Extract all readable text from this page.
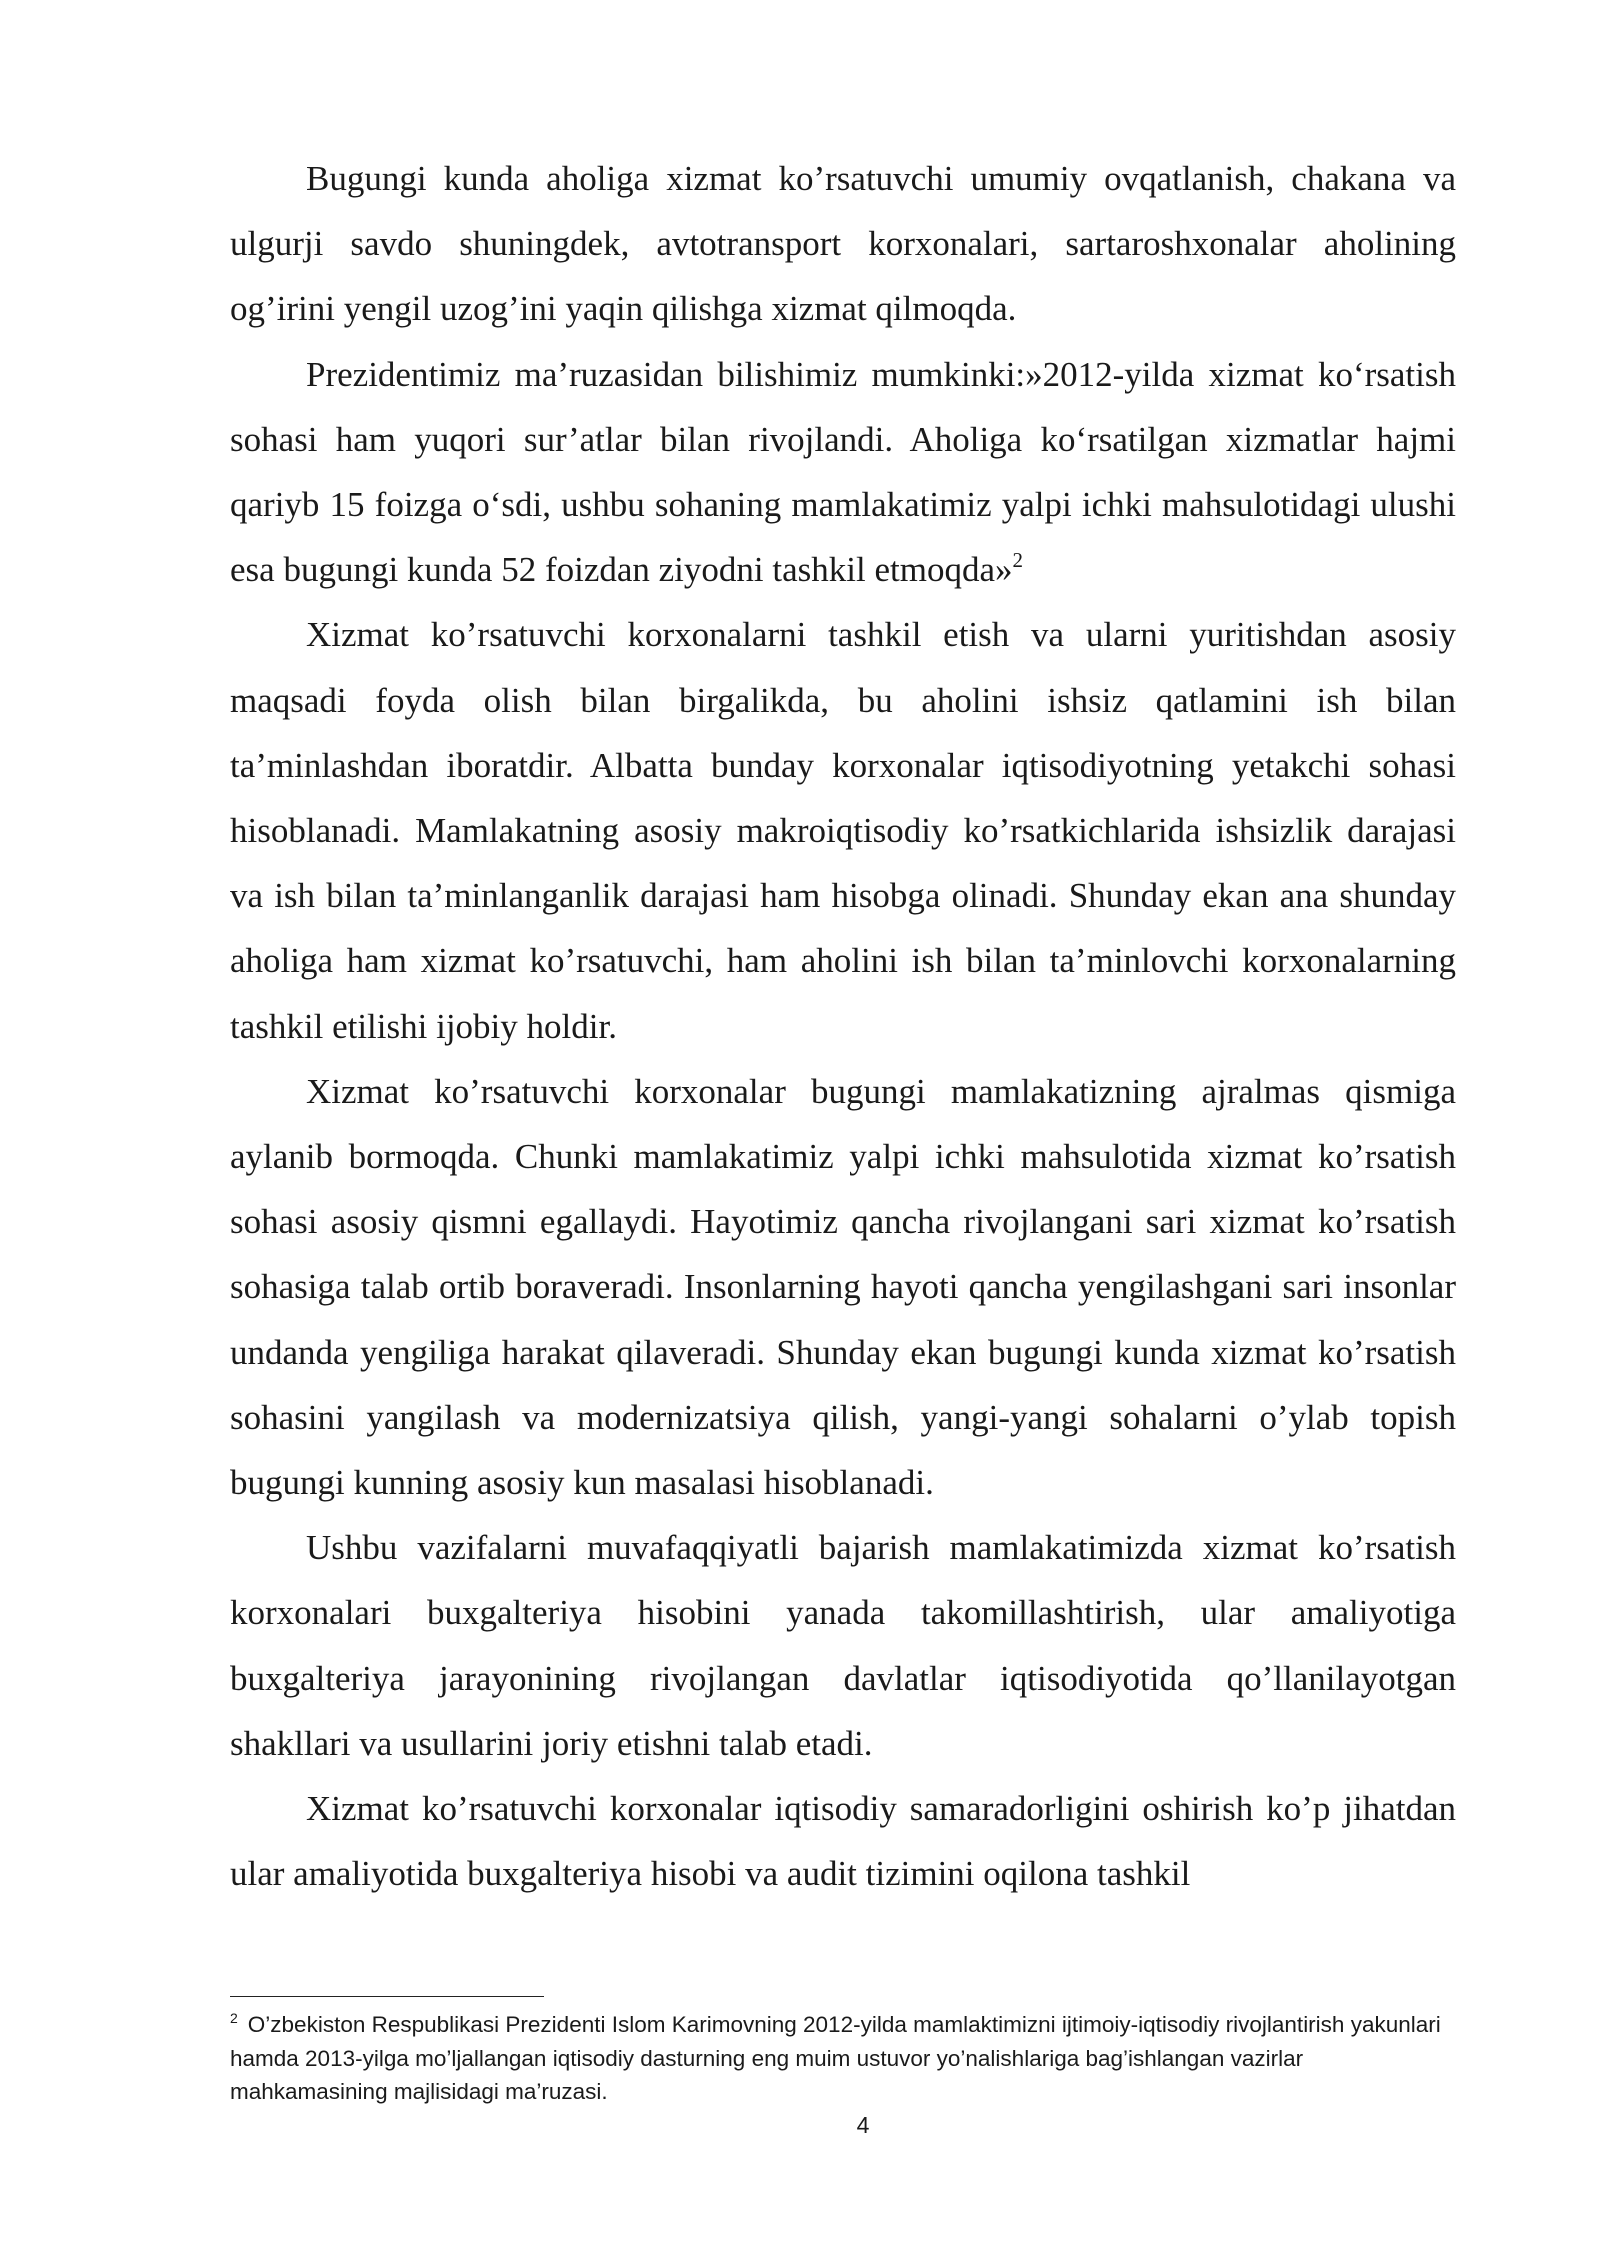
Bugungi kunda aholiga xizmat ko’rsatuvchi umumiy ovqatlanish, chakana va ulgurji savdo shuningdek, avtotransport korxonalari, sartaroshxonalar aholining og’irini yengil uzog’ini yaqin qilishga xizmat qilmoqda.

Prezidentimiz ma’ruzasidan bilishimiz mumkinki:»2012-yilda xizmat ko‘rsatish sohasi ham yuqori sur’atlar bilan rivojlandi. Aholiga ko‘rsatilgan xizmatlar hajmi qariyb 15 foizga o‘sdi, ushbu sohaning mamlakatimiz yalpi ichki mahsulotidagi ulushi esa bugungi kunda 52 foizdan ziyodni tashkil etmoqda»$^2$

Xizmat ko’rsatuvchi korxonalarni tashkil etish va ularni yuritishdan asosiy maqsadi foyda olish bilan birgalikda, bu aholini ishsiz qatlamini ish bilan ta’minlashdan iboratdir. Albatta bunday korxonalar iqtisodiyotning yetakchi sohasi hisoblanadi. Mamlakatning asosiy makroiqtisodiy ko’rsatkichlarida ishsizlik darajasi va ish bilan ta’minlanganlik darajasi ham hisobga olinadi. Shunday ekan ana shunday aholiga ham xizmat ko’rsatuvchi, ham aholini ish bilan ta’minlovchi korxonalarning tashkil etilishi ijobiy holdir.

Xizmat ko’rsatuvchi korxonalar bugungi mamlakatizning ajralmas qismiga aylanib bormoqda. Chunki mamlakatimiz yalpi ichki mahsulotida xizmat ko’rsatish sohasi asosiy qismni egallaydi. Hayotimiz qancha rivojlangani sari xizmat ko’rsatish sohasiga talab ortib boraveradi. Insonlarning hayoti qancha yengilashgani sari insonlar undanda yengiliga harakat qilaveradi. Shunday ekan bugungi kunda xizmat ko’rsatish sohasini yangilash va modernizatsiya qilish, yangi-yangi sohalarni o’ylab topish bugungi kunning asosiy kun masalasi hisoblanadi.

Ushbu vazifalarni muvafaqqiyatli bajarish mamlakatimizda xizmat ko’rsatish korxonalari buxgalteriya hisobini yanada takomillashtirish, ular amaliyotiga buxgalteriya jarayonining rivojlangan davlatlar iqtisodiyotida qo’llanilayotgan shakllari va usullarini joriy etishni talab etadi.

Xizmat ko’rsatuvchi korxonalar iqtisodiy samaradorligini oshirish ko’p jihatdan ular amaliyotida buxgalteriya hisobi va audit tizimini oqilona tashkil

$^2$ O’zbekiston Respublikasi Prezidenti Islom Karimovning 2012-yilda mamlaktimizni ijtimoiy-iqtisodiy rivojlantirish yakunlari hamda 2013-yilga mo’ljallangan iqtisodiy dasturning eng muim ustuvor yo’nalishlariga bag’ishlangan vazirlar mahkamasining majlisidagi ma’ruzasi.
4
